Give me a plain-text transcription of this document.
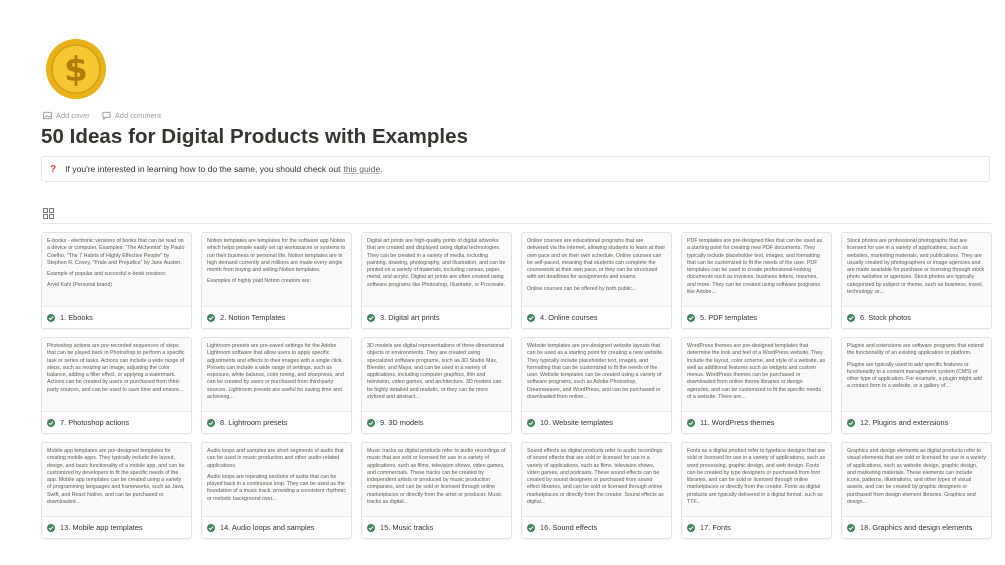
$
Add cover	Add comment
50 Ideas for Digital Products with Examples
? If you're interested in learning how to do the same, you should check out this guide .

E-books - electronic versions of books that can be read on a device or computer. Examples: "The Alchemist" by Paulo Coelho, "The 7 Habits of Highly Effective People" by Stephen R. Covey, "Pride and Prejudice" by Jane Austen.

Example of popular and succesful e-book creators:

Arvid Kahl (Personal brand)

1. Ebooks

Notion templates are templates for the software app Notion which helps people easily set up workspaces or systems to run their business or personal life. Notion templates are in high demand currently and millions are made every single month from buying and selling Notion templates.

Examples of highly paid Notion creators are:

2. Notion Templates

Digital art prints are high-quality prints of digital artworks that are created and displayed using digital technologies. They can be created in a variety of media, including painting, drawing, photography, and illustration, and can be printed on a variety of materials, including canvas, paper, metal, and acrylic. Digital art prints are often created using software programs like Photoshop, Illustrator, or Procreate.

3. Digital art prints

Online courses are educational programs that are delivered via the internet, allowing students to learn at their own pace and on their own schedule. Online courses can be self-paced, meaning that students can complete the coursework at their own pace, or they can be structured with set deadlines for assignments and exams.

Online courses can be offered by both public...

4. Online courses

PDF templates are pre-designed files that can be used as a starting point for creating new PDF documents. They typically include placeholder text, images, and formatting that can be customized to fit the needs of the user. PDF templates can be used to create professional-looking documents such as invoices, business letters, resumes, and more. They can be created using software programs like Adobe...

5. PDF templates

Stock photos are professional photographs that are licensed for use in a variety of applications, such as websites, marketing materials, and publications. They are usually created by photographers or image agencies and are made available for purchase or licensing through stock photo websites or agencies. Stock photos are typically categorized by subject or theme, such as business, travel, technology, or...

6. Stock photos

Photoshop actions are pre-recorded sequences of steps that can be played back in Photoshop to perform a specific task or series of tasks. Actions can include a wide range of steps, such as resizing an image, adjusting the color balance, adding a filter effect, or applying a watermark. Actions can be created by users or purchased from third-party sources, and can be used to save time and ensure...

7. Photoshop actions

Lightroom presets are pre-saved settings for the Adobe Lightroom software that allow users to apply specific adjustments and effects to their images with a single click. Presets can include a wide range of settings, such as exposure, white balance, color toning, and sharpness, and can be created by users or purchased from third-party sources. Lightroom presets are useful for saving time and achieving...

8. Lightroom presets

3D models are digital representations of three-dimensional objects or environments. They are created using specialized software programs, such as 3D Studio Max, Blender, and Maya, and can be used in a variety of applications, including computer graphics, film and television, video games, and architecture. 3D models can be highly detailed and realistic, or they can be more stylized and abstract...

9. 3D models

Website templates are pre-designed website layouts that can be used as a starting point for creating a new website. They typically include placeholder text, images, and formatting that can be customized to fit the needs of the user. Website templates can be created using a variety of software programs, such as Adobe Photoshop, Dreamweaver, and WordPress, and can be purchased or downloaded from online...

10. Website templates

WordPress themes are pre-designed templates that determine the look and feel of a WordPress website. They include the layout, color scheme, and style of a website, as well as additional features such as widgets and custom menus. WordPress themes can be purchased or downloaded from online theme libraries or design agencies, and can be customized to fit the specific needs of a website. There are...

11. WordPress themes

Plugins and extensions are software programs that extend the functionality of an existing application or platform.

Plugins are typically used to add specific features or functionality to a content management system (CMS) or other type of application. For example, a plugin might add a contact form to a website, or a gallery of...

12. Plugins and extensions

Mobile app templates are pre-designed templates for creating mobile apps. They typically include the layout, design, and basic functionality of a mobile app, and can be customized by developers to fit the specific needs of the app. Mobile app templates can be created using a variety of programming languages and frameworks, such as Java, Swift, and React Native, and can be purchased or downloaded...

13. Mobile app templates

Audio loops and samples are short segments of audio that can be used in music production and other audio-related applications.

Audio loops are repeating sections of audio that can be played back in a continuous loop. They can be used as the foundation of a music track, providing a consistent rhythmic or melodic background over...

14. Audio loops and samples

Music tracks as digital products refer to audio recordings of music that are sold or licensed for use in a variety of applications, such as films, television shows, video games, and commercials. These tracks can be created by independent artists or produced by music production companies, and can be sold or licensed through online marketplaces or directly from the artist or producer. Music tracks as digital...

15. Music tracks

Sound effects as digital products refer to audio recordings of sound effects that are sold or licensed for use in a variety of applications, such as films, television shows, video games, and podcasts. These sound effects can be created by sound designers or purchased from sound effect libraries, and can be sold or licensed through online marketplaces or directly from the creator. Sound effects as digital...

16. Sound effects

Fonts as a digital product refer to typeface designs that are sold or licensed for use in a variety of applications, such as word processing, graphic design, and web design. Fonts can be created by type designers or purchased from font libraries, and can be sold or licensed through online marketplaces or directly from the creator. Fonts as digital products are typically delivered in a digital format, such as TTF...

17. Fonts

Graphics and design elements as digital products refer to visual elements that are sold or licensed for use in a variety of applications, such as website design, graphic design, and marketing materials. These elements can include icons, patterns, illustrations, and other types of visual assets, and can be created by graphic designers or purchased from design element libraries. Graphics and design...

18. Graphics and design elements
